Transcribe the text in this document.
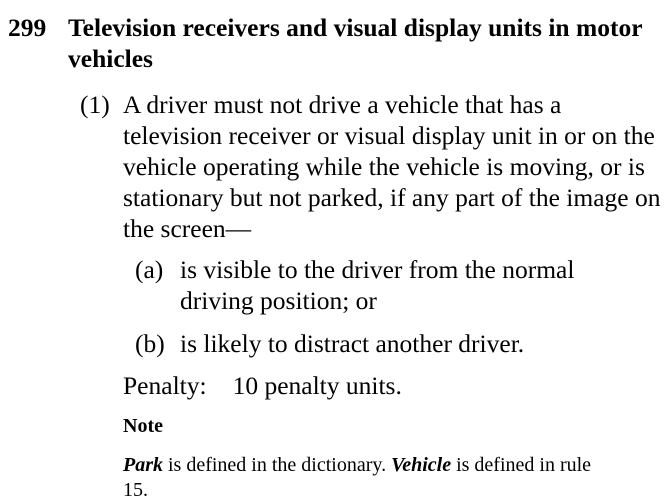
299 Television receivers and visual display units in motor vehicles
(1) A driver must not drive a vehicle that has a television receiver or visual display unit in or on the vehicle operating while the vehicle is moving, or is stationary but not parked, if any part of the image on the screen—
(a) is visible to the driver from the normal driving position; or
(b) is likely to distract another driver.
Penalty: 10 penalty units.
Note
Park is defined in the dictionary. Vehicle is defined in rule 15.
